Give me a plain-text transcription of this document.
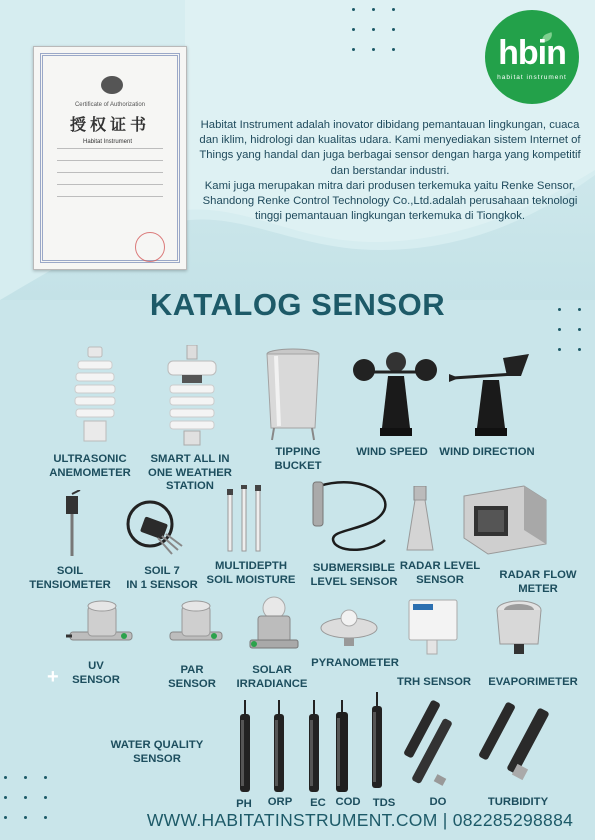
Certificate of Authorization
授权证书
Habitat Instrument
hbin
habitat instrument

Habitat Instrument adalah inovator dibidang pemantauan lingkungan, cuaca dan iklim, hidrologi dan kualitas udara. Kami menyediakan sistem Internet of Things yang handal dan juga berbagai sensor dengan harga yang kompetitif dan berstandar industri.

Kami juga merupakan mitra dari produsen terkemuka yaitu Renke Sensor, Shandong Renke Control Technology Co.,Ltd.adalah perusahaan teknologi tinggi pemantauan lingkungan terkemuka di Tiongkok.

KATALOG SENSOR
ULTRASONIC
ANEMOMETER
SMART ALL IN
ONE WEATHER
STATION
TIPPING
BUCKET
WIND SPEED	WIND DIRECTION
SOIL
TENSIOMETER
SOIL 7
IN 1 SENSOR
MULTIDEPTH
SOIL MOISTURE
SUBMERSIBLE
LEVEL SENSOR
RADAR LEVEL
SENSOR	RADAR FLOW
METER
+	UV
SENSOR
PAR
SENSOR
SOLAR
IRRADIANCE
PYRANOMETER
TRH SENSOR	EVAPORIMETER
WATER QUALITY
SENSOR
PH	ORP	EC COD	TDS	DO	TURBIDITY
WWW.HABITATINSTRUMENT.COM | 082285298884
